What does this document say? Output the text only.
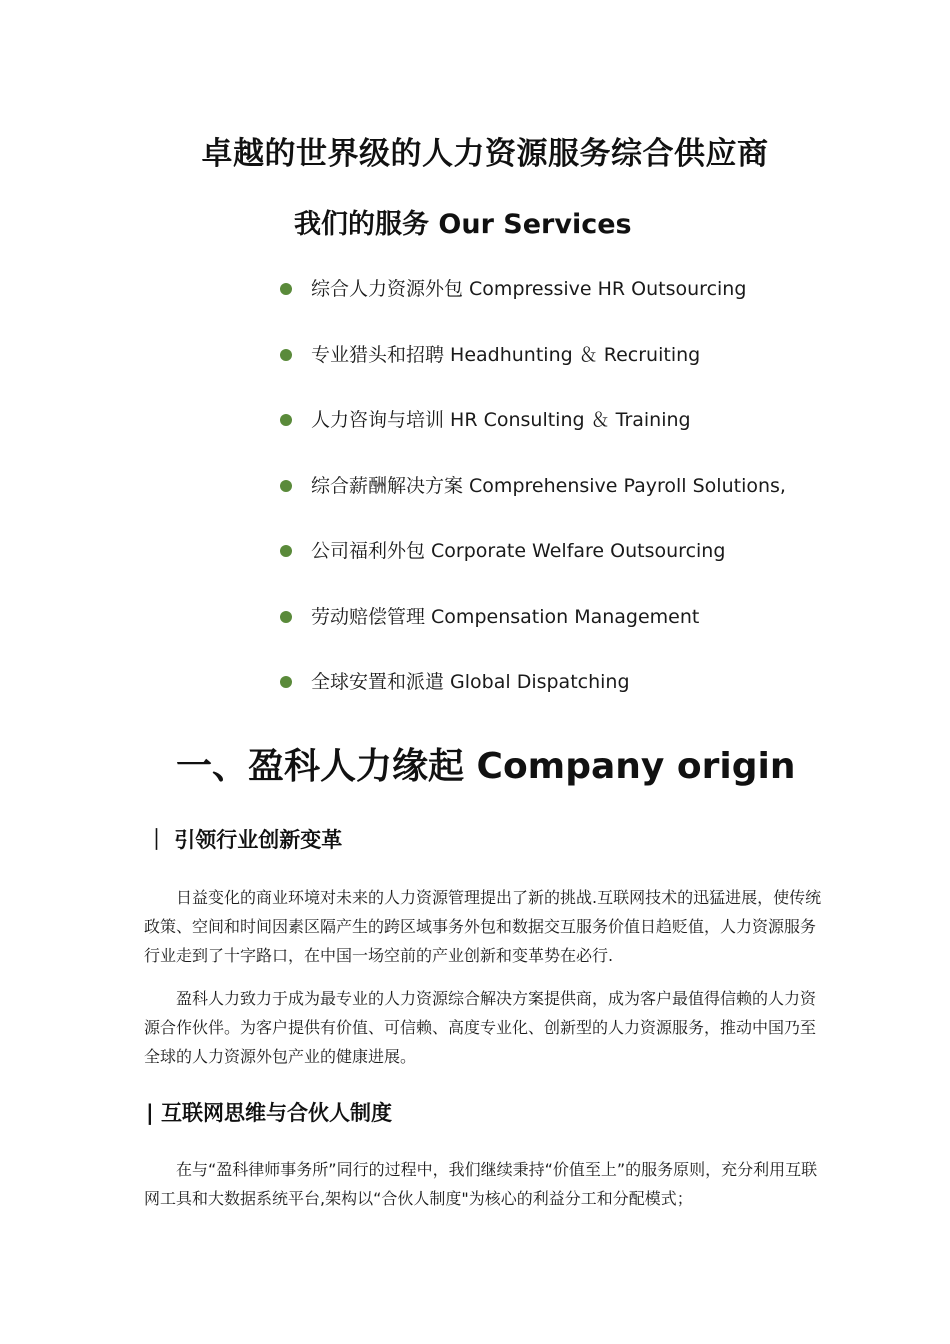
卓越的世界级的人力资源服务综合供应商
我们的服务 Our Services
综合人力资源外包 Compressive HR Outsourcing
专业猎头和招聘 Headhunting ＆ Recruiting
人力咨询与培训 HR Consulting ＆ Training
综合薪酬解决方案 Comprehensive Payroll Solutions,
公司福利外包 Corporate Welfare Outsourcing
劳动赔偿管理 Compensation Management
全球安置和派遣 Global Dispatching
一、盈科人力缘起 Company origin
｜ 引领行业创新变革

日益变化的商业环境对未来的人力资源管理提出了新的挑战.互联网技术的迅猛进展，使传统政策、空间和时间因素区隔产生的跨区域事务外包和数据交互服务价值日趋贬值，人力资源服务行业走到了十字路口，在中国一场空前的产业创新和变革势在必行.

盈科人力致力于成为最专业的人力资源综合解决方案提供商，成为客户最值得信赖的人力资源合作伙伴。为客户提供有价值、可信赖、高度专业化、创新型的人力资源服务，推动中国乃至全球的人力资源外包产业的健康进展。

| 互联网思维与合伙人制度

在与“盈科律师事务所”同行的过程中，我们继续秉持“价值至上”的服务原则，充分利用互联网工具和大数据系统平台,架构以“合伙人制度"为核心的利益分工和分配模式；
